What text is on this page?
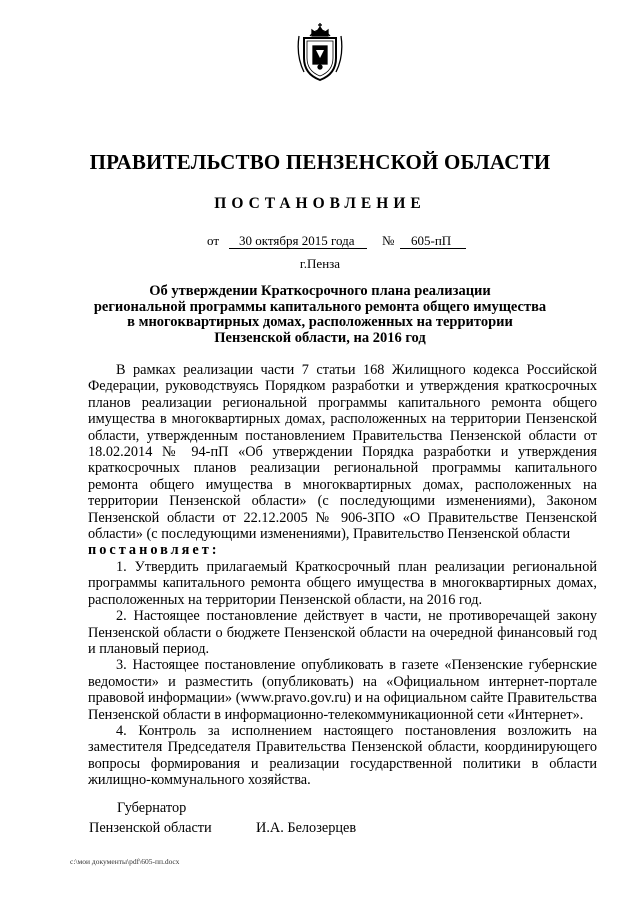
ПРАВИТЕЛЬСТВО ПЕНЗЕНСКОЙ ОБЛАСТИ
ПОСТАНОВЛЕНИЕ
от 30 октября 2015 года № 605-пП
г.Пенза
Об утверждении Краткосрочного плана реализации
региональной программы капитального ремонта общего имущества
в многоквартирных домах, расположенных на территории
Пензенской области, на 2016 год

В рамках реализации части 7 статьи 168 Жилищного кодекса Российской Федерации, руководствуясь Порядком разработки и утверждения краткосрочных планов реализации региональной программы капитального ремонта общего имущества в многоквартирных домах, расположенных на территории Пензенской области, утвержденным постановлением Правительства Пензенской области от 18.02.2014 № 94-пП «Об утверждении Порядка разработки и утверждения краткосрочных планов реализации региональной программы капитального ремонта общего имущества в многоквартирных домах, расположенных на территории Пензенской области» (с последующими изменениями), Законом Пензенской области от 22.12.2005 № 906-ЗПО «О Правительстве Пензенской области» (с последующими изменениями), Правительство Пензенской области

постановляет:

1. Утвердить прилагаемый Краткосрочный план реализации региональной программы капитального ремонта общего имущества в многоквартирных домах, расположенных на территории Пензенской области, на 2016 год.

2. Настоящее постановление действует в части, не противоречащей закону Пензенской области о бюджете Пензенской области на очередной финансовый год и плановый период.

3. Настоящее постановление опубликовать в газете «Пензенские губернские ведомости» и разместить (опубликовать) на «Официальном интернет-портале правовой информации» (www.pravo.gov.ru) и на официальном сайте Правительства Пензенской области в информационно-телекоммуникационной сети «Интернет».

4. Контроль за исполнением настоящего постановления возложить на заместителя Председателя Правительства Пензенской области, координирующего вопросы формирования и реализации государственной политики в области жилищно-коммунального хозяйства.

Губернатор
Пензенской области	И.А. Белозерцев
c:\мои документы\pdf\605-пп.docx
